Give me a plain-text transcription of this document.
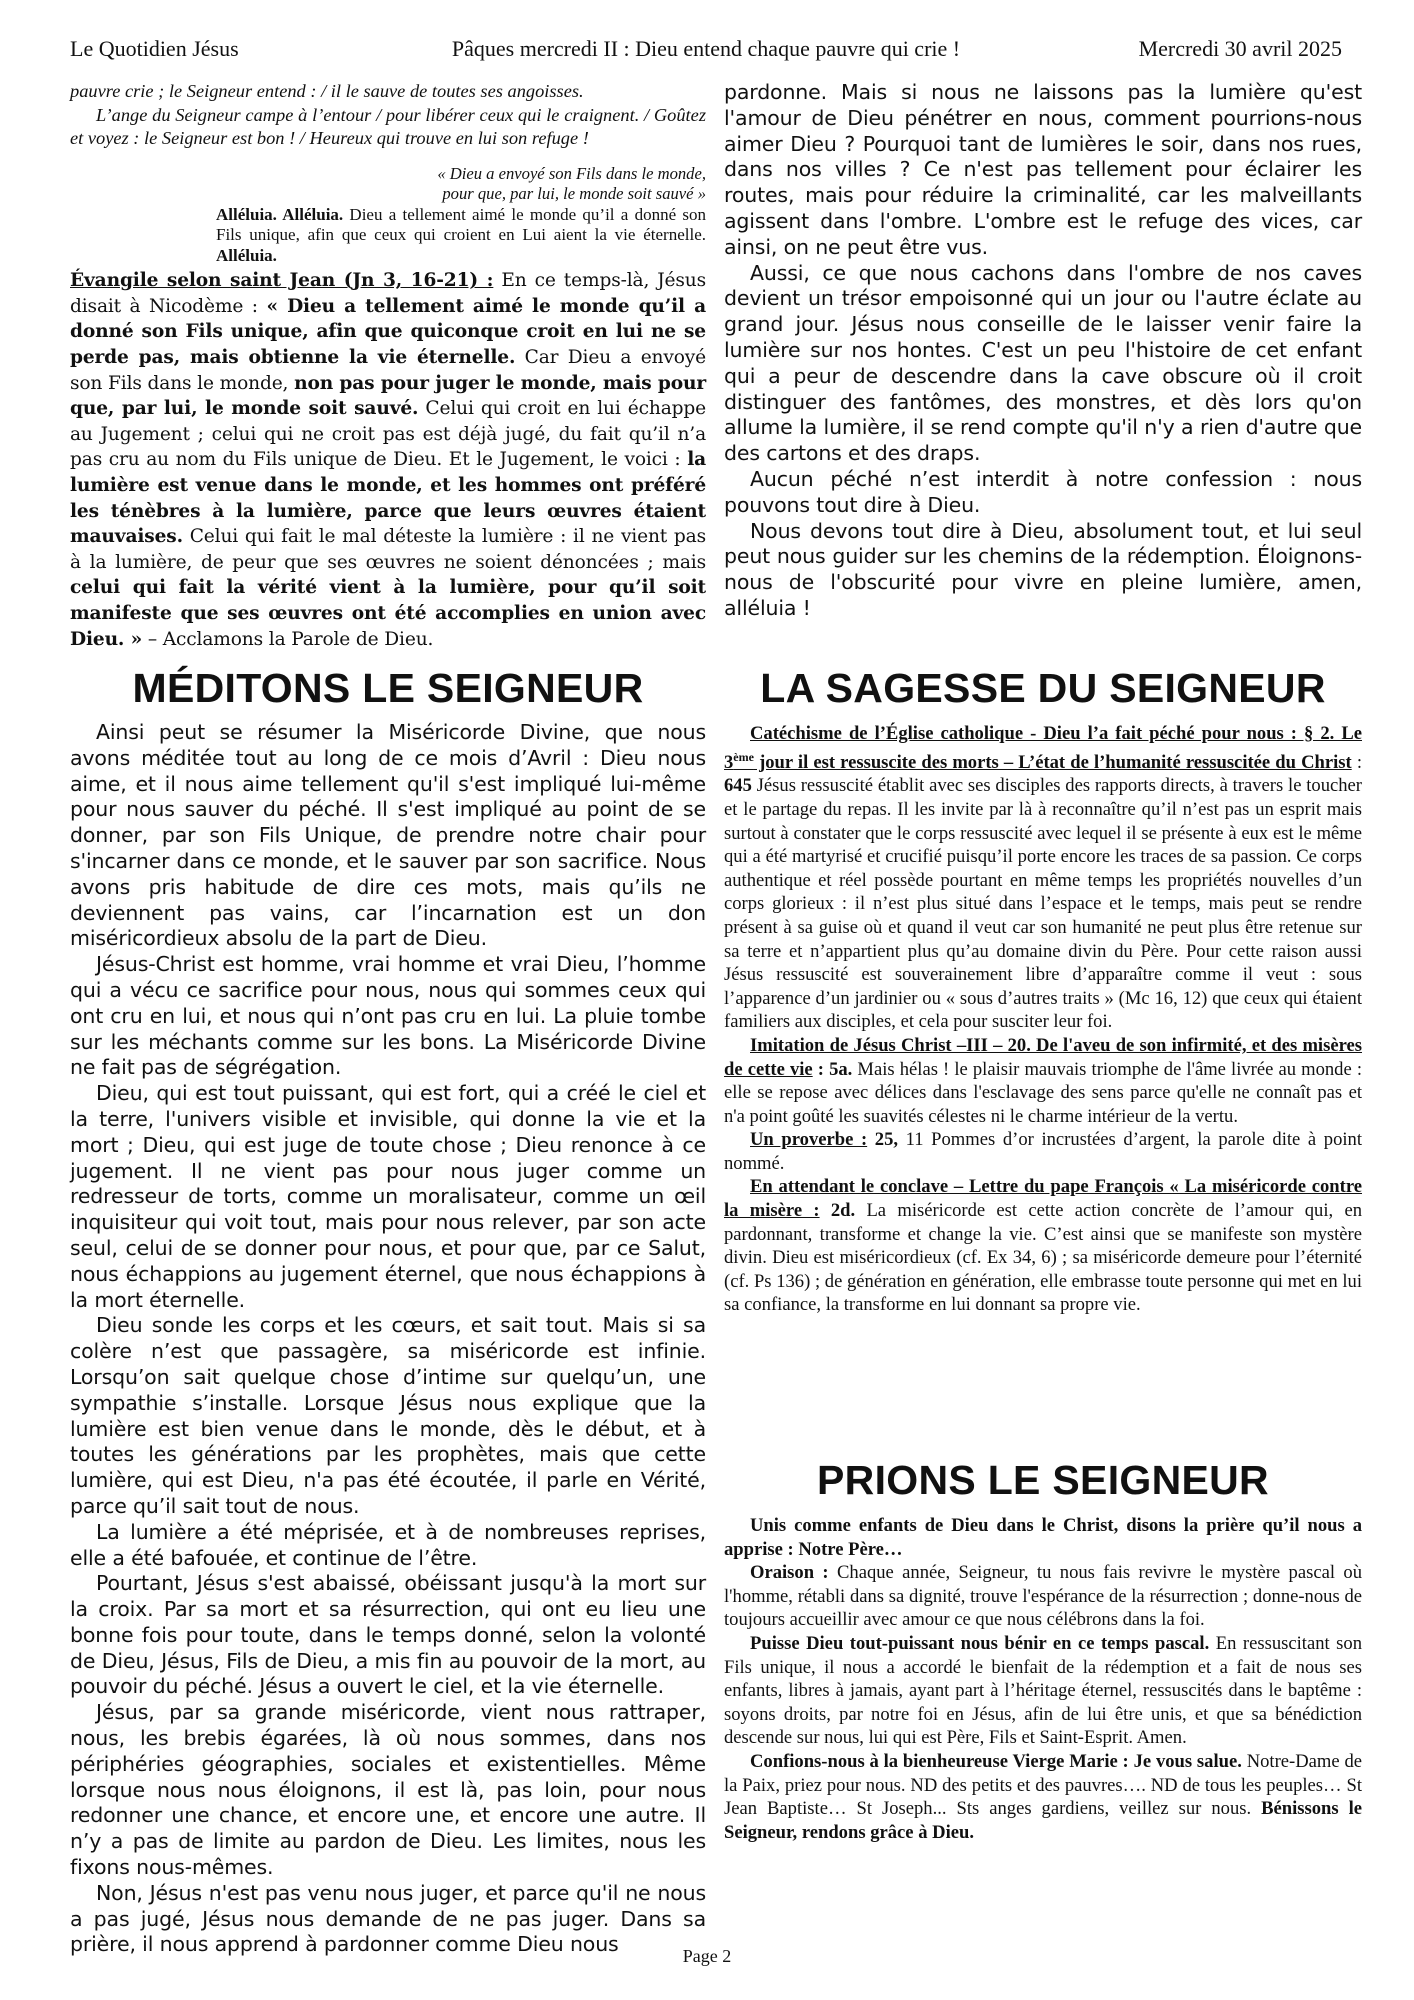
Le Quotidien Jésus	Pâques mercredi II : Dieu entend chaque pauvre qui crie !	Mercredi 30 avril 2025

pauvre crie ; le Seigneur entend : / il le sauve de toutes ses angoisses.

L’ange du Seigneur campe à l’entour / pour libérer ceux qui le craignent. / Goûtez et voyez : le Seigneur est bon ! / Heureux qui trouve en lui son refuge !

« Dieu a envoyé son Fils dans le monde,

pour que, par lui, le monde soit sauvé »

Alléluia. Alléluia. Dieu a tellement aimé le monde qu’il a donné son Fils unique, afin que ceux qui croient en Lui aient la vie éternelle. Alléluia.

Évangile selon saint Jean (Jn 3, 16-21) : En ce temps-là, Jésus disait à Nicodème : « Dieu a tellement aimé le monde qu’il a donné son Fils unique, afin que quiconque croit en lui ne se perde pas, mais obtienne la vie éternelle. Car Dieu a envoyé son Fils dans le monde, non pas pour juger le monde, mais pour que, par lui, le monde soit sauvé. Celui qui croit en lui échappe au Jugement ; celui qui ne croit pas est déjà jugé, du fait qu’il n’a pas cru au nom du Fils unique de Dieu. Et le Jugement, le voici : la lumière est venue dans le monde, et les hommes ont préféré les ténèbres à la lumière, parce que leurs œuvres étaient mauvaises. Celui qui fait le mal déteste la lumière : il ne vient pas à la lumière, de peur que ses œuvres ne soient dénoncées ; mais celui qui fait la vérité vient à la lumière, pour qu’il soit manifeste que ses œuvres ont été accomplies en union avec Dieu. » – Acclamons la Parole de Dieu.

pardonne. Mais si nous ne laissons pas la lumière qu'est l'amour de Dieu pénétrer en nous, comment pourrions-nous aimer Dieu ? Pourquoi tant de lumières le soir, dans nos rues, dans nos villes ? Ce n'est pas tellement pour éclairer les routes, mais pour réduire la criminalité, car les malveillants agissent dans l'ombre. L'ombre est le refuge des vices, car ainsi, on ne peut être vus.

Aussi, ce que nous cachons dans l'ombre de nos caves devient un trésor empoisonné qui un jour ou l'autre éclate au grand jour. Jésus nous conseille de le laisser venir faire la lumière sur nos hontes. C'est un peu l'histoire de cet enfant qui a peur de descendre dans la cave obscure où il croit distinguer des fantômes, des monstres, et dès lors qu'on allume la lumière, il se rend compte qu'il n'y a rien d'autre que des cartons et des draps.

Aucun péché n’est interdit à notre confession : nous pouvons tout dire à Dieu.

Nous devons tout dire à Dieu, absolument tout, et lui seul peut nous guider sur les chemins de la rédemption. Éloignons-nous de l'obscurité pour vivre en pleine lumière, amen, alléluia !

MÉDITONS LE SEIGNEUR

Ainsi peut se résumer la Miséricorde Divine, que nous avons méditée tout au long de ce mois d’Avril : Dieu nous aime, et il nous aime tellement qu'il s'est impliqué lui-même pour nous sauver du péché. Il s'est impliqué au point de se donner, par son Fils Unique, de prendre notre chair pour s'incarner dans ce monde, et le sauver par son sacrifice. Nous avons pris habitude de dire ces mots, mais qu’ils ne deviennent pas vains, car l’incarnation est un don miséricordieux absolu de la part de Dieu.

Jésus-Christ est homme, vrai homme et vrai Dieu, l’homme qui a vécu ce sacrifice pour nous, nous qui sommes ceux qui ont cru en lui, et nous qui n’ont pas cru en lui. La pluie tombe sur les méchants comme sur les bons. La Miséricorde Divine ne fait pas de ségrégation.

Dieu, qui est tout puissant, qui est fort, qui a créé le ciel et la terre, l'univers visible et invisible, qui donne la vie et la mort ; Dieu, qui est juge de toute chose ; Dieu renonce à ce jugement. Il ne vient pas pour nous juger comme un redresseur de torts, comme un moralisateur, comme un œil inquisiteur qui voit tout, mais pour nous relever, par son acte seul, celui de se donner pour nous, et pour que, par ce Salut, nous échappions au jugement éternel, que nous échappions à la mort éternelle.

Dieu sonde les corps et les cœurs, et sait tout. Mais si sa colère n’est que passagère, sa miséricorde est infinie. Lorsqu’on sait quelque chose d’intime sur quelqu’un, une sympathie s’installe. Lorsque Jésus nous explique que la lumière est bien venue dans le monde, dès le début, et à toutes les générations par les prophètes, mais que cette lumière, qui est Dieu, n'a pas été écoutée, il parle en Vérité, parce qu’il sait tout de nous.

La lumière a été méprisée, et à de nombreuses reprises, elle a été bafouée, et continue de l’être.

Pourtant, Jésus s'est abaissé, obéissant jusqu'à la mort sur la croix. Par sa mort et sa résurrection, qui ont eu lieu une bonne fois pour toute, dans le temps donné, selon la volonté de Dieu, Jésus, Fils de Dieu, a mis fin au pouvoir de la mort, au pouvoir du péché. Jésus a ouvert le ciel, et la vie éternelle.

Jésus, par sa grande miséricorde, vient nous rattraper, nous, les brebis égarées, là où nous sommes, dans nos périphéries géographies, sociales et existentielles. Même lorsque nous nous éloignons, il est là, pas loin, pour nous redonner une chance, et encore une, et encore une autre. Il n’y a pas de limite au pardon de Dieu. Les limites, nous les fixons nous-mêmes.

Non, Jésus n'est pas venu nous juger, et parce qu'il ne nous a pas jugé, Jésus nous demande de ne pas juger. Dans sa prière, il nous apprend à pardonner comme Dieu nous

LA SAGESSE DU SEIGNEUR

Catéchisme de l’Église catholique - Dieu l’a fait péché pour nous : § 2. Le 3ème jour il est ressuscite des morts – L’état de l’humanité ressuscitée du Christ : 645 Jésus ressuscité établit avec ses disciples des rapports directs, à travers le toucher et le partage du repas. Il les invite par là à reconnaître qu’il n’est pas un esprit mais surtout à constater que le corps ressuscité avec lequel il se présente à eux est le même qui a été martyrisé et crucifié puisqu’il porte encore les traces de sa passion. Ce corps authentique et réel possède pourtant en même temps les propriétés nouvelles d’un corps glorieux : il n’est plus situé dans l’espace et le temps, mais peut se rendre présent à sa guise où et quand il veut car son humanité ne peut plus être retenue sur sa terre et n’appartient plus qu’au domaine divin du Père. Pour cette raison aussi Jésus ressuscité est souverainement libre d’apparaître comme il veut : sous l’apparence d’un jardinier ou « sous d’autres traits » (Mc 16, 12) que ceux qui étaient familiers aux disciples, et cela pour susciter leur foi.

Imitation de Jésus Christ –III – 20. De l'aveu de son infirmité, et des misères de cette vie : 5a. Mais hélas ! le plaisir mauvais triomphe de l'âme livrée au monde : elle se repose avec délices dans l'esclavage des sens parce qu'elle ne connaît pas et n'a point goûté les suavités célestes ni le charme intérieur de la vertu.

Un proverbe : 25, 11 Pommes d’or incrustées d’argent, la parole dite à point nommé.

En attendant le conclave – Lettre du pape François « La miséricorde contre la misère : 2d. La miséricorde est cette action concrète de l’amour qui, en pardonnant, transforme et change la vie. C’est ainsi que se manifeste son mystère divin. Dieu est miséricordieux (cf. Ex 34, 6) ; sa miséricorde demeure pour l’éternité (cf. Ps 136) ; de génération en génération, elle embrasse toute personne qui met en lui sa confiance, la transforme en lui donnant sa propre vie.

PRIONS LE SEIGNEUR

Unis comme enfants de Dieu dans le Christ, disons la prière qu’il nous a apprise : Notre Père…

Oraison : Chaque année, Seigneur, tu nous fais revivre le mystère pascal où l'homme, rétabli dans sa dignité, trouve l'espérance de la résurrection ; donne-nous de toujours accueillir avec amour ce que nous célébrons dans la foi.

Puisse Dieu tout-puissant nous bénir en ce temps pascal. En ressuscitant son Fils unique, il nous a accordé le bienfait de la rédemption et a fait de nous ses enfants, libres à jamais, ayant part à l’héritage éternel, ressuscités dans le baptême : soyons droits, par notre foi en Jésus, afin de lui être unis, et que sa bénédiction descende sur nous, lui qui est Père, Fils et Saint-Esprit. Amen.

Confions-nous à la bienheureuse Vierge Marie : Je vous salue. Notre-Dame de la Paix, priez pour nous. ND des petits et des pauvres…. ND de tous les peuples… St Jean Baptiste… St Joseph... Sts anges gardiens, veillez sur nous. Bénissons le Seigneur, rendons grâce à Dieu.

Page 2
